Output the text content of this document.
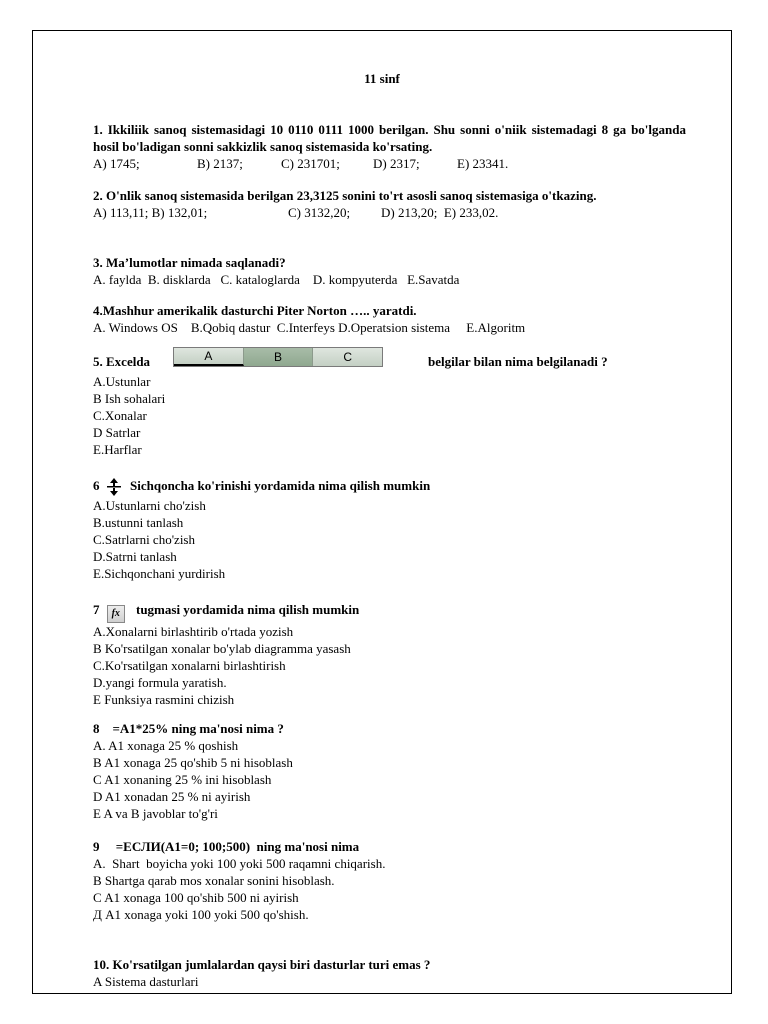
11 sinf
1. Ikkiliik sanoq sistemasidagi 10 0110 0111 1000 berilgan. Shu sonni o'niik sistemadagi 8 ga bo'lganda hosil bo'ladigan sonni sakkizlik sanoq sistemasida ko'rsating.
A) 1745;	B) 2137;	C) 231701;	D) 2317;	E) 23341.
2. O'nlik sanoq sistemasida berilgan 23,3125 sonini to'rt asosli sanoq sistemasiga o'tkazing.
A) 113,11; B) 132,01;	C) 3132,20;	D) 213,20;  E) 233,02.
3. Ma’lumotlar nimada saqlanadi?
A. faylda  B. disklarda   C. kataloglarda    D. kompyuterda   E.Savatda
4.Mashhur amerikalik dasturchi Piter Norton ….. yaratdi.
A. Windows OS    B.Qobiq dastur  C.Interfeys D.Operatsion sistema     E.Algoritm
5. Excelda	A	B	C	belgilar bilan nima belgilanadi ?
A.Ustunlar
B Ish sohalari
C.Xonalar
D Satrlar
E.Harflar
6 Sichqoncha ko'rinishi yordamida nima qilish mumkin
A.Ustunlarni cho'zish
B.ustunni tanlash
C.Satrlarni cho'zish
D.Satrni tanlash
E.Sichqonchani yurdirish
7 fx tugmasi yordamida nima qilish mumkin
A.Xonalarni birlashtirib o'rtada yozish
B Ko'rsatilgan xonalar bo'ylab diagramma yasash
C.Ko'rsatilgan xonalarni birlashtirish
D.yangi formula yaratish.
E Funksiya rasmini chizish
8    =A1*25% ning ma'nosi nima ?
A. A1 xonaga 25 % qoshish
B A1 xonaga 25 qo'shib 5 ni hisoblash
C A1 xonaning 25 % ini hisoblash
D A1 xonadan 25 % ni ayirish
E A va B javoblar to'g'ri
9     =ЕСЛИ(A1=0; 100;500)  ning ma'nosi nima
A.  Shart  boyicha yoki 100 yoki 500 raqamni chiqarish.
B Shartga qarab mos xonalar sonini hisoblash.
C A1 xonaga 100 qo'shib 500 ni ayirish
Д A1 xonaga yoki 100 yoki 500 qo'shish.
10. Ko'rsatilgan jumlalardan qaysi biri dasturlar turi emas ?
A Sistema dasturlari
